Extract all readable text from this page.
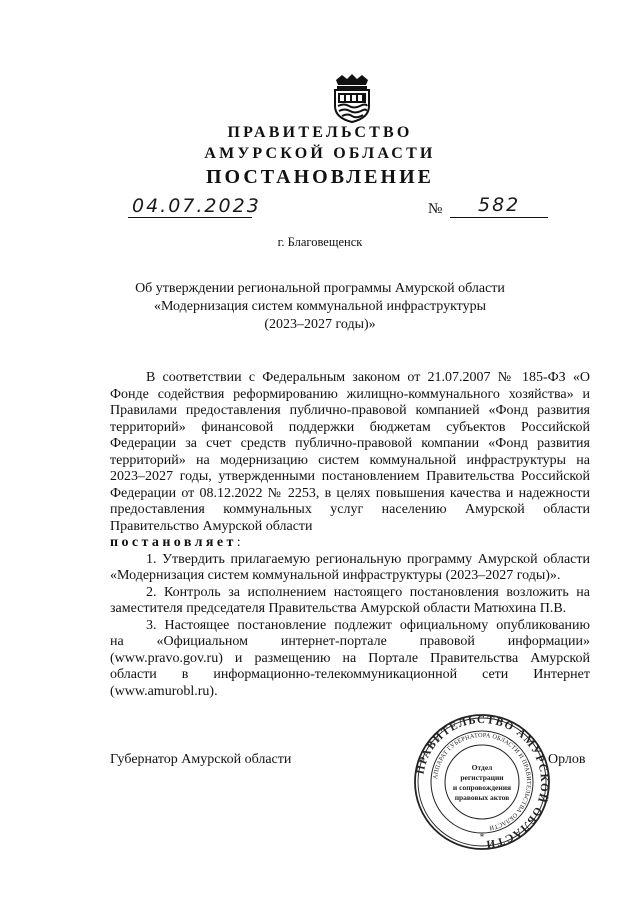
ПРАВИТЕЛЬСТВО
АМУРСКОЙ ОБЛАСТИ
ПОСТАНОВЛЕНИЕ
04.07.2023	№ 582
г. Благовещенск
Об утверждении региональной программы Амурской области
«Модернизация систем коммунальной инфраструктуры
(2023–2027 годы)»

В соответствии с Федеральным законом от 21.07.2007 № 185-ФЗ «О

Фонде содействия реформированию жилищно-коммунального хозяйства» и

Правилами предоставления публично-правовой компанией «Фонд развития

территорий» финансовой поддержки бюджетам субъектов Российской

Федерации за счет средств публично-правовой компании «Фонд развития

территорий» на модернизацию систем коммунальной инфраструктуры на

2023–2027 годы, утвержденными постановлением Правительства Российской

Федерации от 08.12.2022 № 2253, в целях повышения качества и надежности

предоставления коммунальных услуг населению Амурской области

Правительство Амурской области

постановляет:

1. Утвердить прилагаемую региональную программу Амурской области

«Модернизация систем коммунальной инфраструктуры (2023–2027 годы)».

2. Контроль за исполнением настоящего постановления возложить на

заместителя председателя Правительства Амурской области Матюхина П.В.

3. Настоящее постановление подлежит официальному опубликованию

на «Официальном интернет-портале правовой информации»

(www.pravo.gov.ru) и размещению на Портале Правительства Амурской

области в информационно-телекоммуникационной сети Интернет

(www.amurobl.ru).

Губернатор Амурской области	Орлов
ПРАВИТЕЛЬСТВО АМУРСКОЙ ОБЛАСТИ
АППАРАТ ГУБЕРНАТОРА ОБЛАСТИ И ПРАВИТЕЛЬСТВА ОБЛАСТИ
Отдел
регистрации
и сопровождения
правовых актов
*
